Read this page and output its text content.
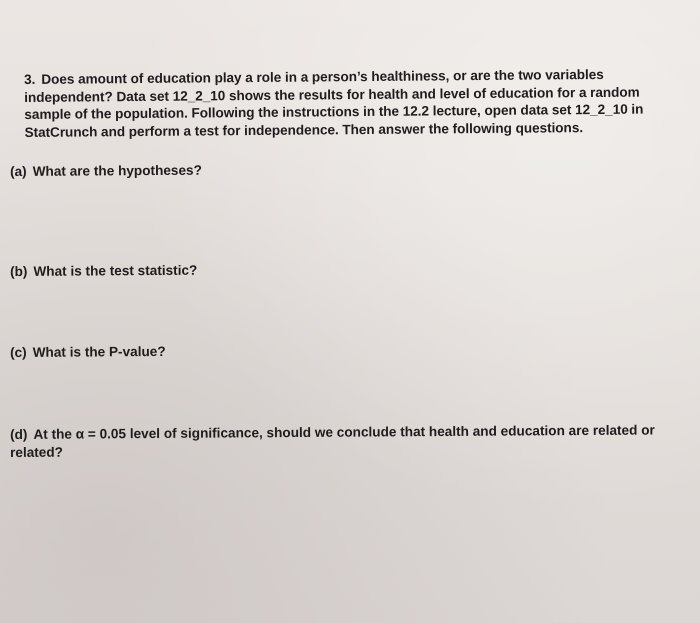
3. Does amount of education play a role in a person’s healthiness, or are the two variables
independent? Data set 12_2_10 shows the results for health and level of education for a random
sample of the population. Following the instructions in the 12.2 lecture, open data set 12_2_10 in
StatCrunch and perform a test for independence. Then answer the following questions.
(a) What are the hypotheses?
(b) What is the test statistic?
(c) What is the P-value?
(d) At the α = 0.05 level of significance, should we conclude that health and education are related or
related?
